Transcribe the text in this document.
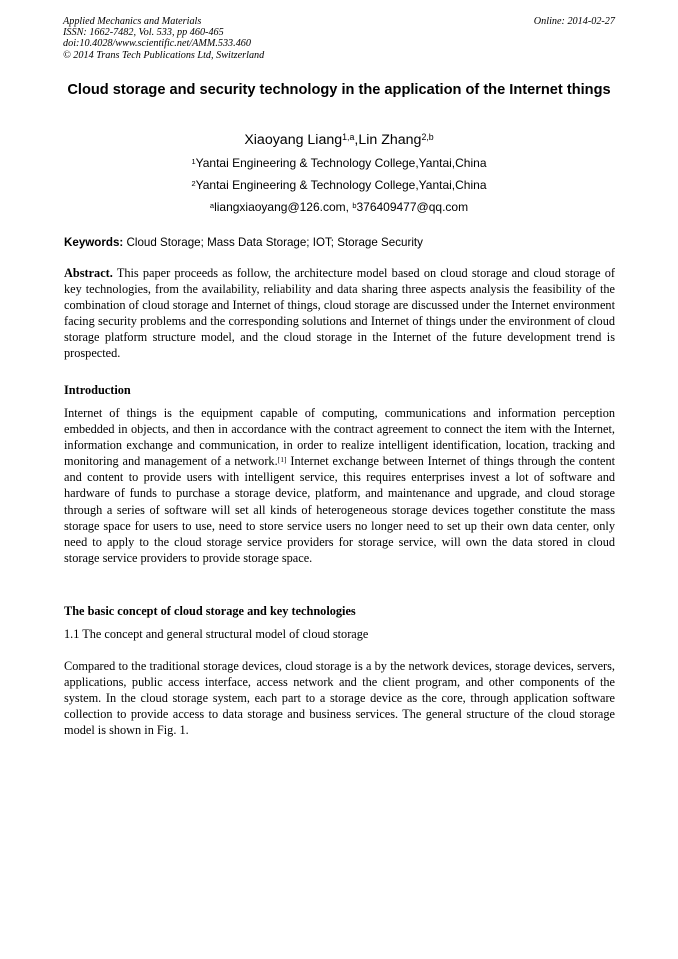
Applied Mechanics and Materials
ISSN: 1662-7482, Vol. 533, pp 460-465
doi:10.4028/www.scientific.net/AMM.533.460
© 2014 Trans Tech Publications Ltd, Switzerland
Online: 2014-02-27
Cloud storage and security technology in the application of the Internet things
Xiaoyang Liang$^{1,a}$,Lin Zhang$^{2,b}$
$^1$Yantai Engineering & Technology College,Yantai,China
$^2$Yantai Engineering & Technology College,Yantai,China
$^a$liangxiaoyang@126.com, $^b$376409477@qq.com
Keywords: Cloud Storage; Mass Data Storage; IOT; Storage Security
Abstract. This paper proceeds as follow, the architecture model based on cloud storage and cloud storage of key technologies, from the availability, reliability and data sharing three aspects analysis the feasibility of the combination of cloud storage and Internet of things, cloud storage are discussed under the Internet environment facing security problems and the corresponding solutions and Internet of things under the environment of cloud storage platform structure model, and the cloud storage in the Internet of the future development trend is prospected.
Introduction
Internet of things is the equipment capable of computing, communications and information perception embedded in objects, and then in accordance with the contract agreement to connect the item with the Internet, information exchange and communication, in order to realize intelligent identification, location, tracking and monitoring and management of a network.[1] Internet exchange between Internet of things through the content and content to provide users with intelligent service, this requires enterprises invest a lot of software and hardware of funds to purchase a storage device, platform, and maintenance and upgrade, and cloud storage through a series of software will set all kinds of heterogeneous storage devices together constitute the mass storage space for users to use, need to store service users no longer need to set up their own data center, only need to apply to the cloud storage service providers for storage service, will own the data stored in cloud storage service providers to provide storage space.
The basic concept of cloud storage and key technologies
1.1 The concept and general structural model of cloud storage
Compared to the traditional storage devices, cloud storage is a by the network devices, storage devices, servers, applications, public access interface, access network and the client program, and other components of the system. In the cloud storage system, each part to a storage device as the core, through application software collection to provide access to data storage and business services. The general structure of the cloud storage model is shown in Fig. 1.
